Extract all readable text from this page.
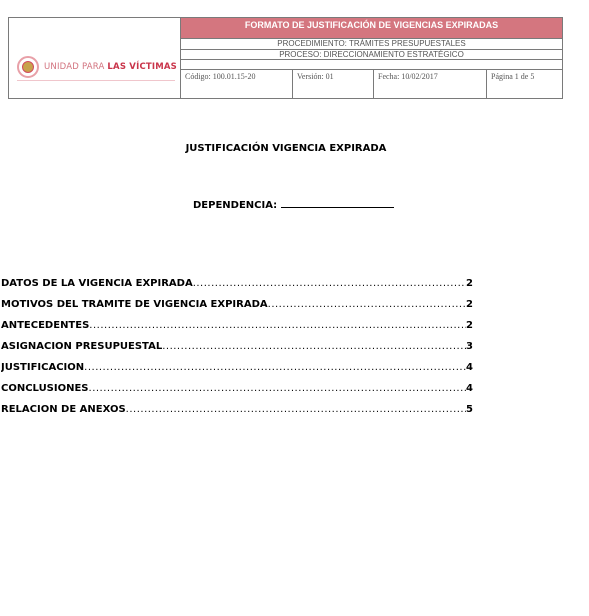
UNIDAD PARA LAS VÍCTIMAS
FORMATO DE JUSTIFICACIÓN DE VIGENCIAS EXPIRADAS
PROCEDIMIENTO: TRÁMITES PRESUPUESTALES
PROCESO: DIRECCIONAMIENTO ESTRATÉGICO
Código: 100.01.15-20	Versión: 01	Fecha: 10/02/2017	Página 1 de 5
JUSTIFICACIÓN VIGENCIA EXPIRADA
DEPENDENCIA:
DATOS DE LA VIGENCIA EXPIRADA .....	2
MOTIVOS DEL TRÁMITE DE VIGENCIA EXPIRADA .....	2
ANTECEDENTES .....	2
ASIGNACIÓN PRESUPUESTAL .....	3
JUSTIFICACIÓN .....	4
CONCLUSIONES .....	4
RELACION DE ANEXOS .....	5
